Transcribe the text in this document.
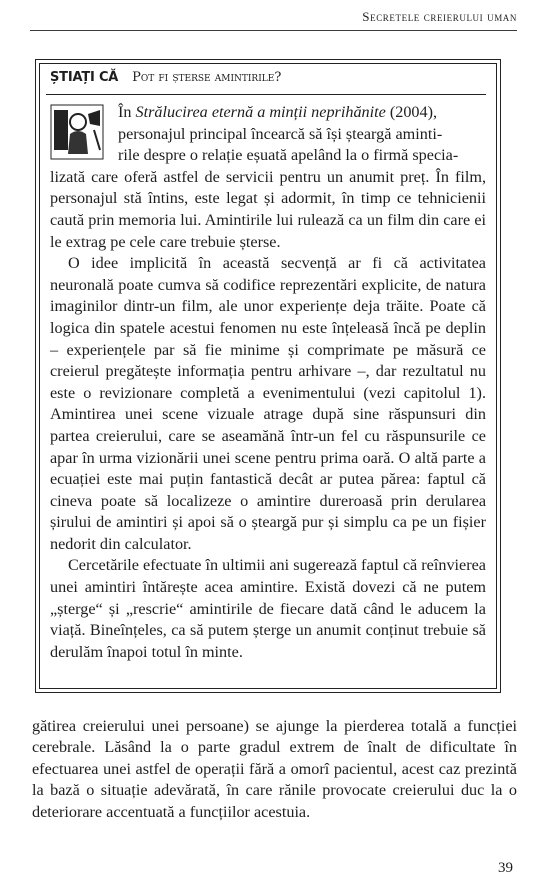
Secretele creierului uman
ȘTIAȚI CĂ Pot fi șterse amintirile?

În Strălucirea eternă a minții neprihănite (2004),
personajul principal încearcă să își șteargă aminti-
rile despre o relație eșuată apelând la o firmă specia-
lizată care oferă astfel de servicii pentru un anumit preț. În film, personajul stă întins, este legat și adormit, în timp ce tehnicienii caută prin memoria lui. Amintirile lui rulează ca un film din care ei le extrag pe cele care trebuie șterse.

O idee implicită în această secvență ar fi că activitatea neuronală poate cumva să codifice reprezentări explicite, de natura imaginilor dintr-un film, ale unor experiențe deja trăite. Poate că logica din spatele acestui fenomen nu este înțeleasă încă pe deplin – experiențele par să fie minime și comprimate pe măsură ce creierul pregătește informația pentru arhivare –, dar rezultatul nu este o revizionare completă a evenimentului (vezi capitolul 1). Amintirea unei scene vizuale atrage după sine răspunsuri din partea creierului, care se aseamănă într-un fel cu răspunsurile ce apar în urma vizionării unei scene pentru prima oară. O altă parte a ecuației este mai puțin fantastică decât ar putea părea: faptul că cineva poate să localizeze o amintire dureroasă prin derularea șirului de amintiri și apoi să o șteargă pur și simplu ca pe un fișier nedorit din calculator.

Cercetările efectuate în ultimii ani sugerează faptul că reînvierea unei amintiri întărește acea amintire. Există dovezi că ne putem „șterge“ și „rescrie“ amintirile de fiecare dată când le aducem la viață. Bineînțeles, ca să putem șterge un anumit conținut trebuie să derulăm înapoi totul în minte.

gătirea creierului unei persoane) se ajunge la pierderea totală a funcției cerebrale. Lăsând la o parte gradul extrem de înalt de dificultate în efectuarea unei astfel de operații fără a omorî pacientul, acest caz prezintă la bază o situație adevărată, în care rănile provocate creierului duc la o deteriorare accentuată a funcțiilor acestuia.

39
